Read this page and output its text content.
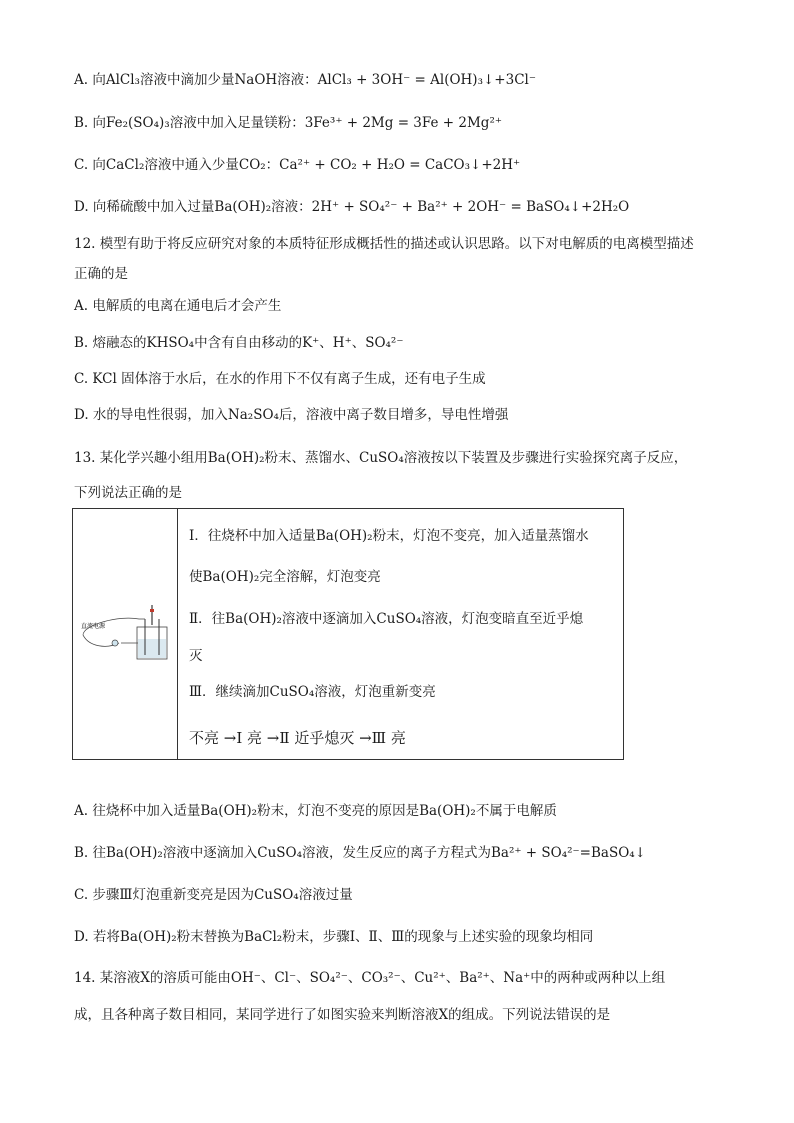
A. 向AlCl₃溶液中滴加少量NaOH溶液：AlCl₃ + 3OH⁻ = Al(OH)₃↓+3Cl⁻
B. 向Fe₂(SO₄)₃溶液中加入足量镁粉：3Fe³⁺ + 2Mg = 3Fe + 2Mg²⁺
C. 向CaCl₂溶液中通入少量CO₂：Ca²⁺ + CO₂ + H₂O = CaCO₃↓+2H⁺
D. 向稀硫酸中加入过量Ba(OH)₂溶液：2H⁺ + SO₄²⁻ + Ba²⁺ + 2OH⁻ = BaSO₄↓+2H₂O
12. 模型有助于将反应研究对象的本质特征形成概括性的描述或认识思路。以下对电解质的电离模型描述
正确的是
A. 电解质的电离在通电后才会产生
B. 熔融态的KHSO₄中含有自由移动的K⁺、H⁺、SO₄²⁻
C. KCl 固体溶于水后，在水的作用下不仅有离子生成，还有电子生成
D. 水的导电性很弱，加入Na₂SO₄后，溶液中离子数目增多，导电性增强
13. 某化学兴趣小组用Ba(OH)₂粉末、蒸馏水、CuSO₄溶液按以下装置及步骤进行实验探究离子反应，
下列说法正确的是
直流电源
Ⅰ．往烧杯中加入适量Ba(OH)₂粉末，灯泡不变亮，加入适量蒸馏水
使Ba(OH)₂完全溶解，灯泡变亮
Ⅱ．往Ba(OH)₂溶液中逐滴加入CuSO₄溶液，灯泡变暗直至近乎熄
灭
Ⅲ．继续滴加CuSO₄溶液，灯泡重新变亮
不亮 →Ⅰ 亮 →Ⅱ 近乎熄灭 →Ⅲ 亮
A. 往烧杯中加入适量Ba(OH)₂粉末，灯泡不变亮的原因是Ba(OH)₂不属于电解质
B. 往Ba(OH)₂溶液中逐滴加入CuSO₄溶液，发生反应的离子方程式为Ba²⁺ + SO₄²⁻=BaSO₄↓
C. 步骤Ⅲ灯泡重新变亮是因为CuSO₄溶液过量
D. 若将Ba(OH)₂粉末替换为BaCl₂粉末，步骤Ⅰ、Ⅱ、Ⅲ的现象与上述实验的现象均相同
14. 某溶液X的溶质可能由OH⁻、Cl⁻、SO₄²⁻、CO₃²⁻、Cu²⁺、Ba²⁺、Na⁺中的两种或两种以上组
成，且各种离子数目相同，某同学进行了如图实验来判断溶液X的组成。下列说法错误的是
